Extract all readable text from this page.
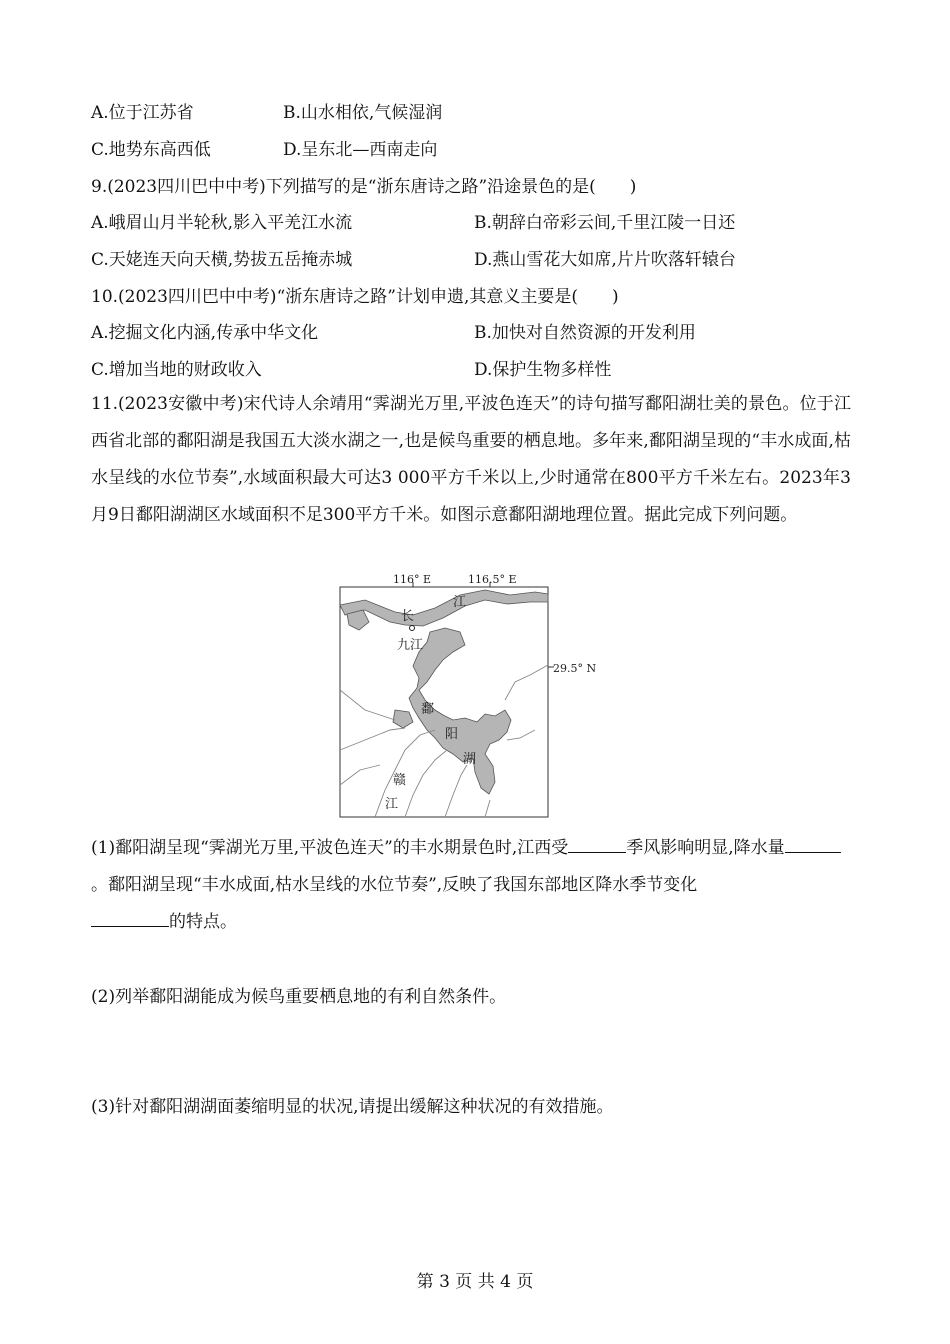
A.位于江苏省	B.山水相依,气候湿润
C.地势东高西低	D.呈东北—西南走向
9.(2023四川巴中中考)下列描写的是“浙东唐诗之路”沿途景色的是(　　)
A.峨眉山月半轮秋,影入平羌江水流	B.朝辞白帝彩云间,千里江陵一日还
C.天姥连天向天横,势拔五岳掩赤城	D.燕山雪花大如席,片片吹落轩辕台
10.(2023四川巴中中考)“浙东唐诗之路”计划申遗,其意义主要是(　　)
A.挖掘文化内涵,传承中华文化	B.加快对自然资源的开发利用
C.增加当地的财政收入	D.保护生物多样性
11.(2023安徽中考)宋代诗人余靖用“霁湖光万里,平波色连天”的诗句描写鄱阳湖壮美的景色。位于江西省北部的鄱阳湖是我国五大淡水湖之一,也是候鸟重要的栖息地。多年来,鄱阳湖呈现的“丰水成面,枯水呈线的水位节奏”,水域面积最大可达3 000平方千米以上,少时通常在800平方千米左右。2023年3月9日鄱阳湖湖区水域面积不足300平方千米。如图示意鄱阳湖地理位置。据此完成下列问题。
116° E	116.5° E
29.5° N
九江
长
江
鄱
阳
湖
赣
江
(1)鄱阳湖呈现“霁湖光万里,平波色连天”的丰水期景色时,江西受	季风影响明显,降水量。鄱阳湖呈现“丰水成面,枯水呈线的水位节奏”,反映了我国东部地区降水季节变化
的特点。
(2)列举鄱阳湖能成为候鸟重要栖息地的有利自然条件。
(3)针对鄱阳湖湖面萎缩明显的状况,请提出缓解这种状况的有效措施。
第 3 页 共 4 页
